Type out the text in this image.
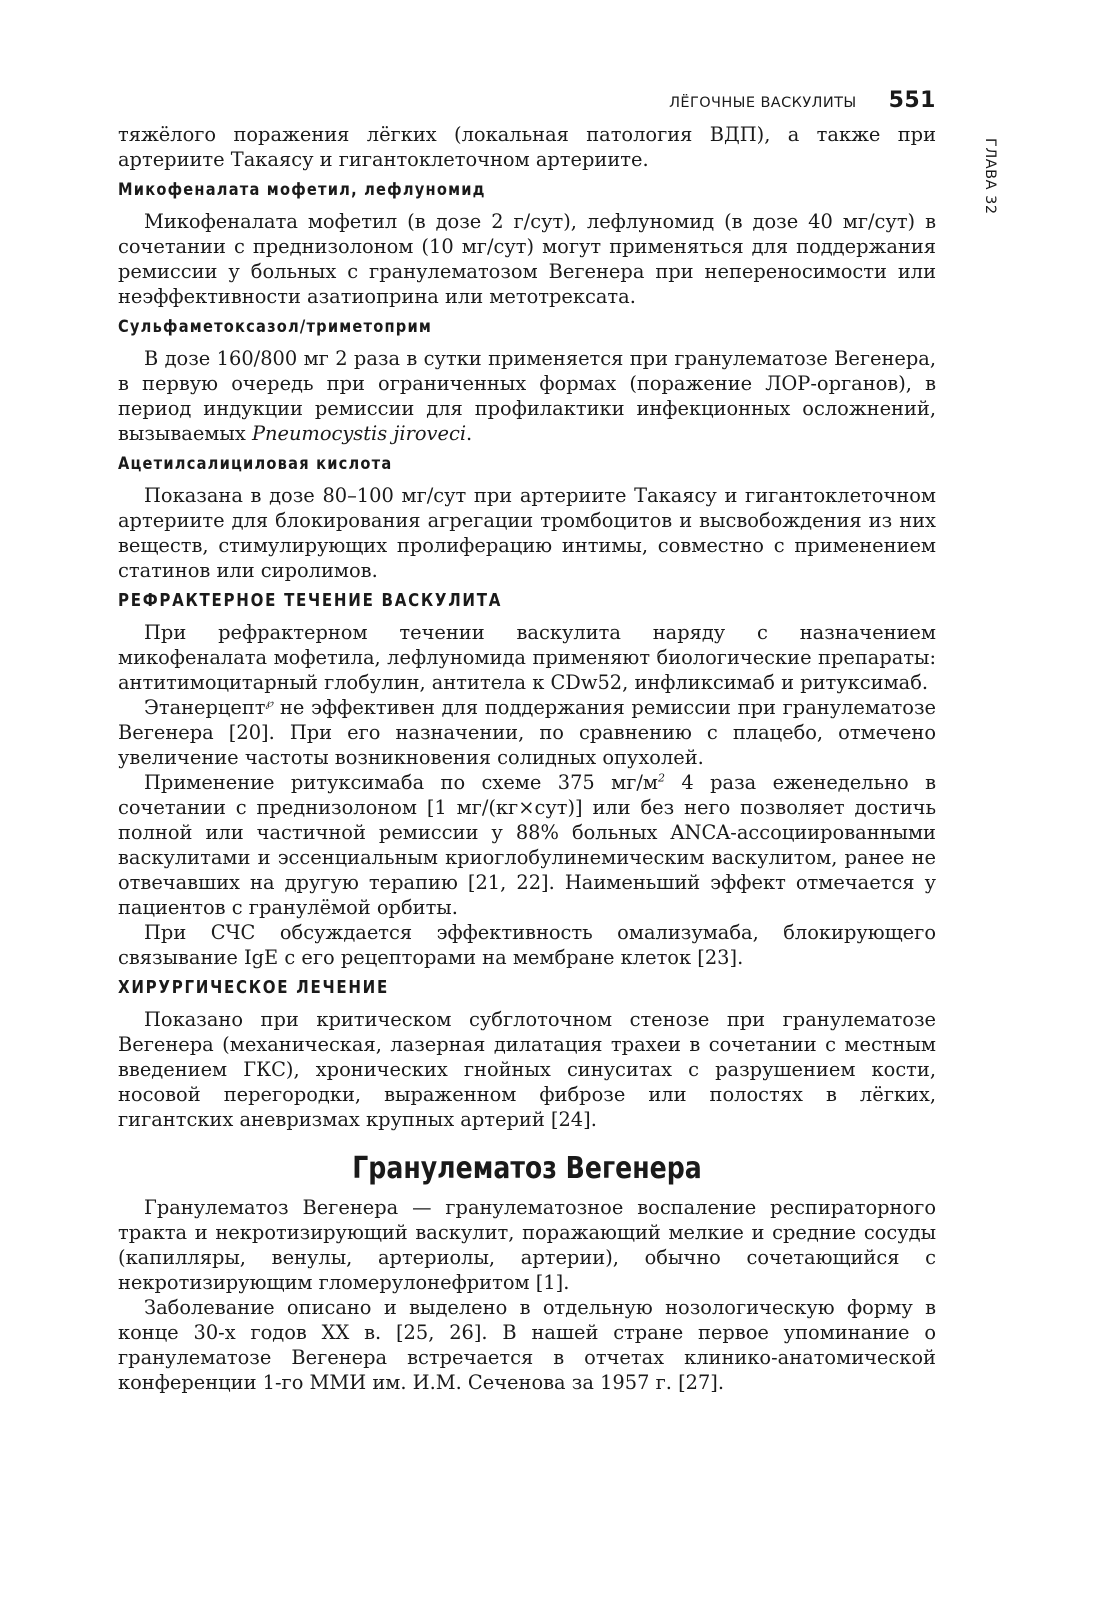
ГЛАВА 32
ЛЁГОЧНЫЕ ВАСКУЛИТЫ 551

тяжёлого поражения лёгких (локальная патология ВДП), а также при артериите Такаясу и гигантоклеточном артериите.

Микофеналата мофетил, лефлуномид

Микофеналата мофетил (в дозе 2 г/сут), лефлуномид (в дозе 40 мг/сут) в сочетании с преднизолоном (10 мг/сут) могут применяться для поддержания ремиссии у больных с гранулематозом Вегенера при непереносимости или неэффективности азатиоприна или метотрексата.

Сульфаметоксазол/триметоприм

В дозе 160/800 мг 2 раза в сутки применяется при гранулематозе Вегенера, в первую очередь при ограниченных формах (поражение ЛОР-органов), в период индукции ремиссии для профилактики инфекционных осложнений, вызываемых Pneumocystis jiroveci.

Ацетилсалициловая кислота

Показана в дозе 80–100 мг/сут при артериите Такаясу и гигантоклеточном артериите для блокирования агрегации тромбоцитов и высвобождения из них веществ, стимулирующих пролиферацию интимы, совместно с применением статинов или сиролимов.

РЕФРАКТЕРНОЕ ТЕЧЕНИЕ ВАСКУЛИТА

При рефрактерном течении васкулита наряду с назначением микофеналата мофетила, лефлуномида применяют биологические препараты: антитимоцитарный глобулин, антитела к CDw52, инфликсимаб и ритуксимаб.

Этанерцепт℘ не эффективен для поддержания ремиссии при гранулематозе Вегенера [20]. При его назначении, по сравнению с плацебо, отмечено увеличение частоты возникновения солидных опухолей.

Применение ритуксимаба по схеме 375 $мг/м^2$ 4 раза еженедельно в сочетании с преднизолоном [1 мг/(кг×сут)] или без него позволяет достичь полной или частичной ремиссии у 88% больных ANCA-ассоциированными васкулитами и эссенциальным криоглобулинемическим васкулитом, ранее не отвечавших на другую терапию [21, 22]. Наименьший эффект отмечается у пациентов с гранулёмой орбиты.

При СЧС обсуждается эффективность омализумаба, блокирующего связывание IgE с его рецепторами на мембране клеток [23].

ХИРУРГИЧЕСКОЕ ЛЕЧЕНИЕ

Показано при критическом субглоточном стенозе при гранулематозе Вегенера (механическая, лазерная дилатация трахеи в сочетании с местным введением ГКС), хронических гнойных синуситах с разрушением кости, носовой перегородки, выраженном фиброзе или полостях в лёгких, гигантских аневризмах крупных артерий [24].

Гранулематоз Вегенера

Гранулематоз Вегенера — гранулематозное воспаление респираторного тракта и некротизирующий васкулит, поражающий мелкие и средние сосуды (капилляры, венулы, артериолы, артерии), обычно сочетающийся с некротизирующим гломерулонефритом [1].

Заболевание описано и выделено в отдельную нозологическую форму в конце 30-х годов XX в. [25, 26]. В нашей стране первое упоминание о гранулематозе Вегенера встречается в отчетах клинико-анатомической конференции 1-го ММИ им. И.М. Сеченова за 1957 г. [27].
